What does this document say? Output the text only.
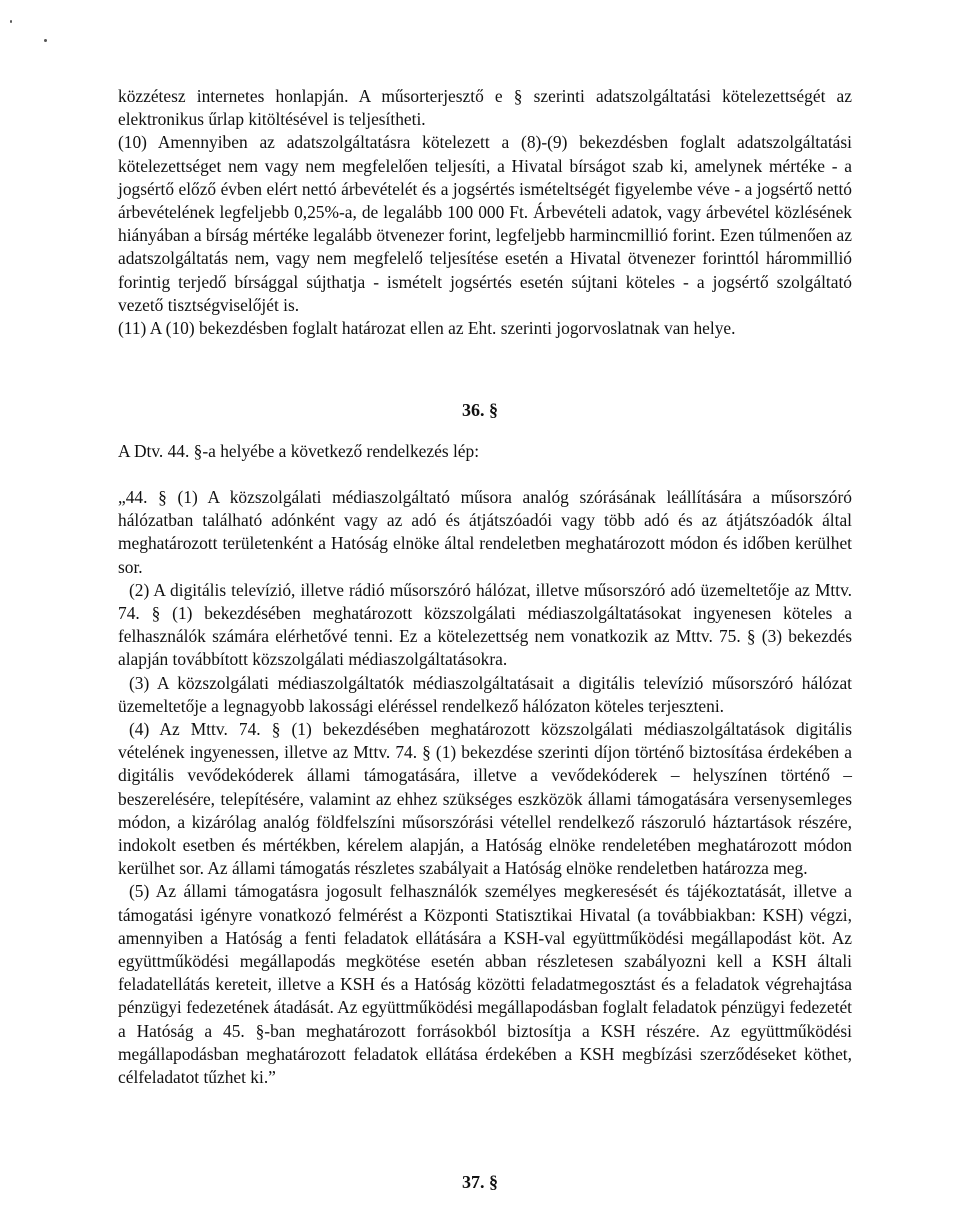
közzétesz internetes honlapján. A műsorterjesztő e § szerinti adatszolgáltatási kötelezettségét az elektronikus űrlap kitöltésével is teljesítheti.

(10) Amennyiben az adatszolgáltatásra kötelezett a (8)-(9) bekezdésben foglalt adatszolgáltatási kötelezettséget nem vagy nem megfelelően teljesíti, a Hivatal bírságot szab ki, amelynek mértéke - a jogsértő előző évben elért nettó árbevételét és a jogsértés ismételtségét figyelembe véve - a jogsértő nettó árbevételének legfeljebb 0,25%-a, de legalább 100 000 Ft. Árbevételi adatok, vagy árbevétel közlésének hiányában a bírság mértéke legalább ötvenezer forint, legfeljebb harmincmillió forint. Ezen túlmenően az adatszolgáltatás nem, vagy nem megfelelő teljesítése esetén a Hivatal ötvenezer forinttól hárommillió forintig terjedő bírsággal sújthatja - ismételt jogsértés esetén sújtani köteles - a jogsértő szolgáltató vezető tisztségviselőjét is.

(11) A (10) bekezdésben foglalt határozat ellen az Eht. szerinti jogorvoslatnak van helye.

36. §
A Dtv. 44. §-a helyébe a következő rendelkezés lép:

„44. § (1) A közszolgálati médiaszolgáltató műsora analóg szórásának leállítására a műsorszóró hálózatban található adónként vagy az adó és átjátszóadói vagy több adó és az átjátszóadók által meghatározott területenként a Hatóság elnöke által rendeletben meghatározott módon és időben kerülhet sor.

(2) A digitális televízió, illetve rádió műsorszóró hálózat, illetve műsorszóró adó üzemeltetője az Mttv. 74. § (1) bekezdésében meghatározott közszolgálati médiaszolgáltatásokat ingyenesen köteles a felhasználók számára elérhetővé tenni. Ez a kötelezettség nem vonatkozik az Mttv. 75. § (3) bekezdés alapján továbbított közszolgálati médiaszolgáltatásokra.

(3) A közszolgálati médiaszolgáltatók médiaszolgáltatásait a digitális televízió műsorszóró hálózat üzemeltetője a legnagyobb lakossági eléréssel rendelkező hálózaton köteles terjeszteni.

(4) Az Mttv. 74. § (1) bekezdésében meghatározott közszolgálati médiaszolgáltatások digitális vételének ingyenessen, illetve az Mttv. 74. § (1) bekezdése szerinti díjon történő biztosítása érdekében a digitális vevődekóderek állami támogatására, illetve a vevődekóderek – helyszínen történő – beszerelésére, telepítésére, valamint az ehhez szükséges eszközök állami támogatására versenysemleges módon, a kizárólag analóg földfelszíni műsorszórási vétellel rendelkező rászoruló háztartások részére, indokolt esetben és mértékben, kérelem alapján, a Hatóság elnöke rendeletében meghatározott módon kerülhet sor. Az állami támogatás részletes szabályait a Hatóság elnöke rendeletben határozza meg.

(5) Az állami támogatásra jogosult felhasználók személyes megkeresését és tájékoztatását, illetve a támogatási igényre vonatkozó felmérést a Központi Statisztikai Hivatal (a továbbiakban: KSH) végzi, amennyiben a Hatóság a fenti feladatok ellátására a KSH-val együttműködési megállapodást köt. Az együttműködési megállapodás megkötése esetén abban részletesen szabályozni kell a KSH általi feladatellátás kereteit, illetve a KSH és a Hatóság közötti feladatmegosztást és a feladatok végrehajtása pénzügyi fedezetének átadását. Az együttműködési megállapodásban foglalt feladatok pénzügyi fedezetét a Hatóság a 45. §-ban meghatározott forrásokból biztosítja a KSH részére. Az együttműködési megállapodásban meghatározott feladatok ellátása érdekében a KSH megbízási szerződéseket köthet, célfeladatot tűzhet ki.”

37. §
